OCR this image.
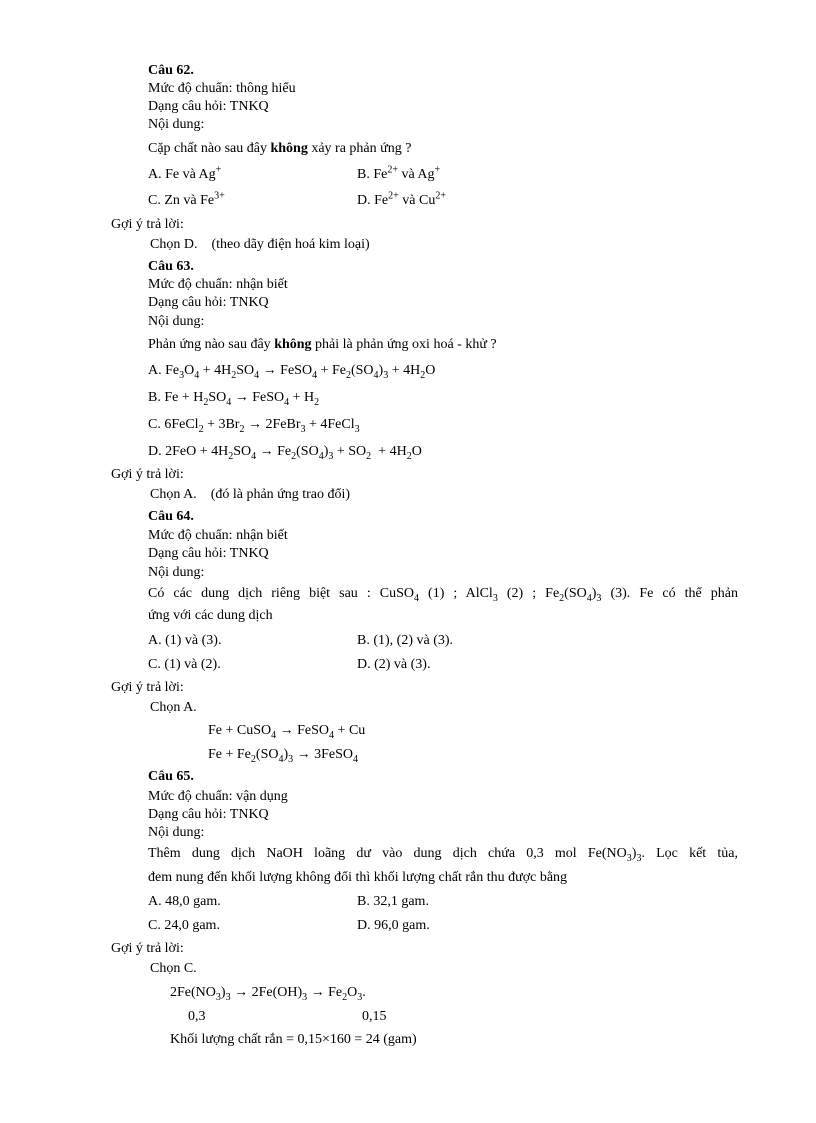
Câu 62.
Mức độ chuẩn: thông hiểu
Dạng câu hỏi: TNKQ
Nội dung:
Cặp chất nào sau đây không xảy ra phản ứng ?
A. Fe và Ag+	B. $Fe^{2+}$ và Ag+
C. Zn và $Fe^{3+}$	D. $Fe^{2+}$ và $Cu^{2+}$
Gợi ý trả lời:
Chọn D. (theo dãy điện hoá kim loại)
Câu 63.
Mức độ chuẩn: nhận biết
Dạng câu hỏi: TNKQ
Nội dung:
Phản ứng nào sau đây không phải là phản ứng oxi hoá - khử ?
A. $Fe_3O_4 + 4H_2SO_4$ → FeSO$_4$ + $Fe_2(SO_4)_3 + 4H_2O$
B. $Fe + H_2SO_4$ → FeSO$_4$ + $H_2$
C. 6FeCl$_2$ + $3Br_2$ → 2FeBr$_3$ + 4FeCl$_3$
D. $2FeO + 4H_2SO_4 \to Fe_2(SO_4)_3 + SO_2 + 4H_2O$
Gợi ý trả lời:
Chọn A. (đó là phản ứng trao đổi)
Câu 64.
Mức độ chuẩn: nhận biết
Dạng câu hỏi: TNKQ
Nội dung:
Có các dung dịch riêng biệt sau : CuSO$_4$ (1) ; AlCl$_3$ (2) ; $Fe_2(SO_4)_3$ (3). Fe có thể phản
ứng với các dung dịch
A. (1) và (3).	B. (1), (2) và (3).
C. (1) và (2).	D. (2) và (3).
Gợi ý trả lời:
Chọn A.
Fe + CuSO$_4$ → FeSO$_4$ + Cu
$Fe + Fe_2(SO_4)_3$ → 3FeSO$_4$
Câu 65.
Mức độ chuẩn: vận dụng
Dạng câu hỏi: TNKQ
Nội dung:
Thêm dung dịch NaOH loãng dư vào dung dịch chứa 0,3 mol $Fe(NO_3)_3$. Lọc kết tủa,
đem nung đến khối lượng không đổi thì khối lượng chất rắn thu được bằng
A. 48,0 gam.	B. 32,1 gam.
C. 24,0 gam.	D. 96,0 gam.
Gợi ý trả lời:
Chọn C.
$2Fe(NO_3)_3 \to 2Fe(OH)_3 \to Fe_2O_3$.
0,3	0,15
Khối lượng chất rắn = 0,15×160 = 24 (gam)
